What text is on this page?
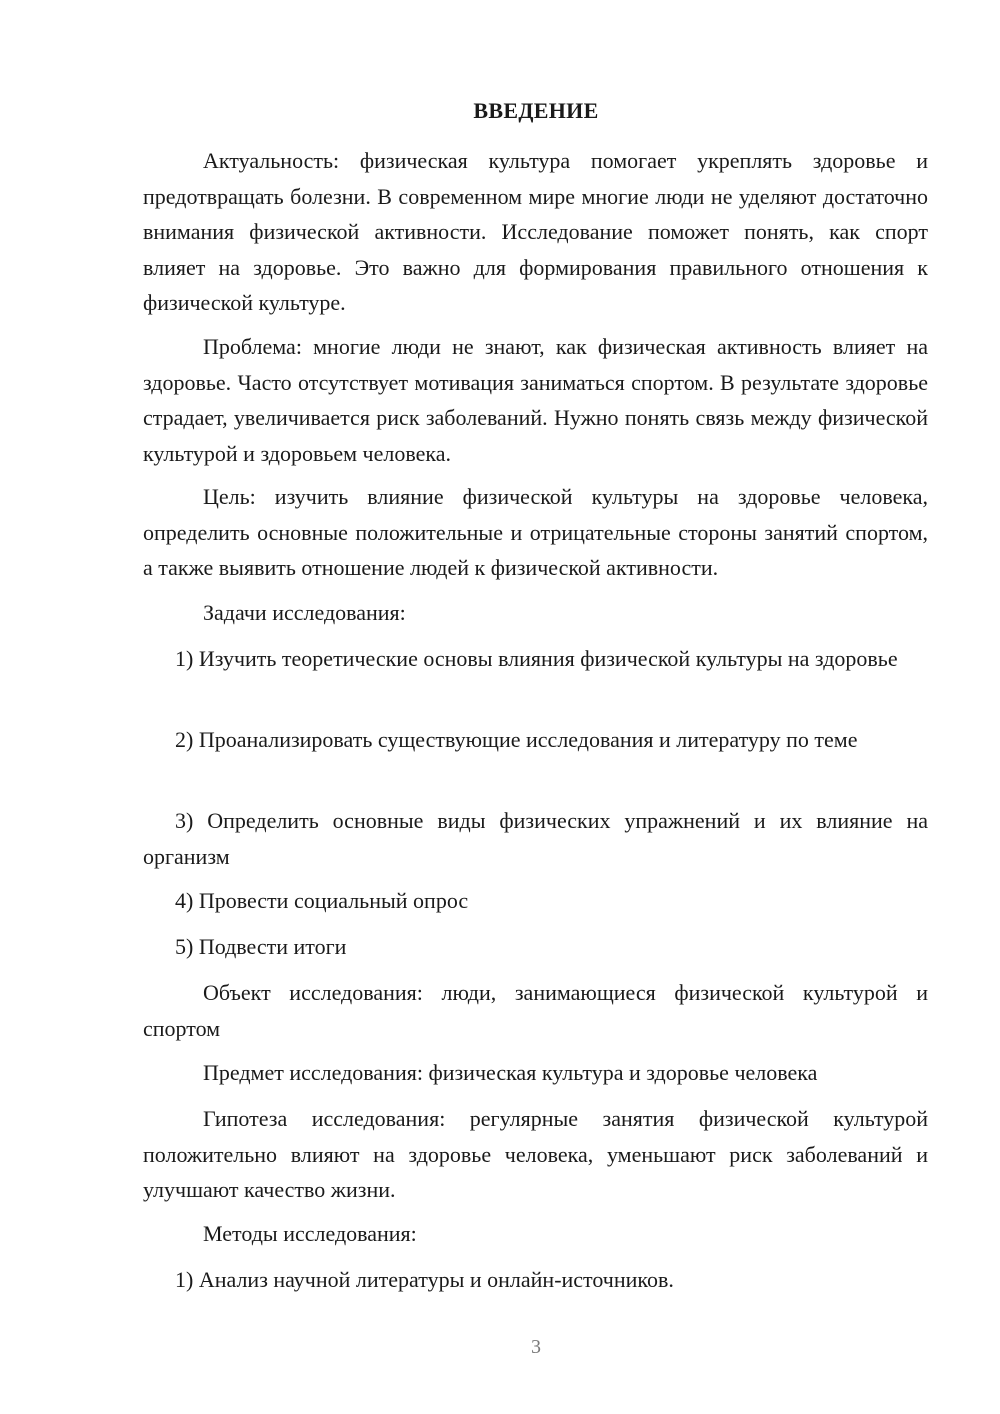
ВВЕДЕНИЕ

Актуальность: физическая культура помогает укреплять здоровье и предотвращать болезни. В современном мире многие люди не уделяют достаточно внимания физической активности. Исследование поможет понять, как спорт влияет на здоровье. Это важно для формирования правильного отношения к физической культуре.

Проблема: многие люди не знают, как физическая активность влияет на здоровье. Часто отсутствует мотивация заниматься спортом. В результате здоровье страдает, увеличивается риск заболеваний. Нужно понять связь между физической культурой и здоровьем человека.

Цель: изучить влияние физической культуры на здоровье человека, определить основные положительные и отрицательные стороны занятий спортом, а также выявить отношение людей к физической активности.

Задачи исследования:

1) Изучить теоретические основы влияния физической культуры на здоровье

2) Проанализировать существующие исследования и литературу по теме

3) Определить основные виды физических упражнений и их влияние на организм

4) Провести социальный опрос

5) Подвести итоги

Объект исследования: люди, занимающиеся физической культурой и спортом

Предмет исследования: физическая культура и здоровье человека

Гипотеза исследования: регулярные занятия физической культурой положительно влияют на здоровье человека, уменьшают риск заболеваний и улучшают качество жизни.

Методы исследования:

1) Анализ научной литературы и онлайн-источников.

3
